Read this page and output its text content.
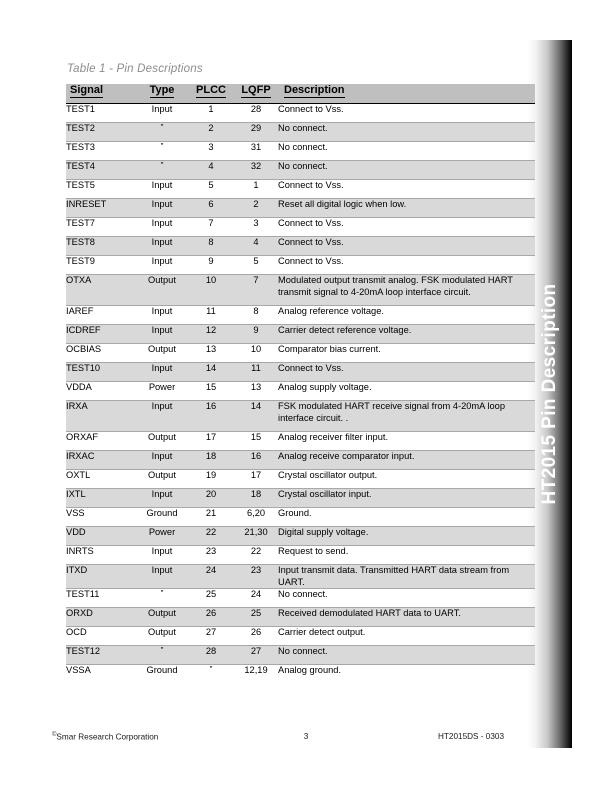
HT2015 Pin Description
Table 1 - Pin Descriptions
Signal	Type	PLCC	LQFP	Description
TEST1	Input	1	28	Connect to Vss.

TEST2	"	2	29	No connect.

TEST3	"	3	31	No connect.

TEST4	"	4	32	No connect.

TEST5	Input	5	1	Connect to Vss.

INRESET	Input	6	2	Reset all digital logic when low.

TEST7	Input	7	3	Connect to Vss.

TEST8	Input	8	4	Connect to Vss.

TEST9	Input	9	5	Connect to Vss.

OTXA	Output	10	7	Modulated output transmit analog. FSK modulated HART transmit signal to 4-20mA loop interface circuit.

IAREF	Input	11	8	Analog reference voltage.

ICDREF	Input	12	9	Carrier detect reference voltage.

OCBIAS	Output	13	10	Comparator bias current.

TEST10	Input	14	11	Connect to Vss.

VDDA	Power	15	13	Analog supply voltage.

IRXA	Input	16	14	FSK modulated HART receive signal from 4-20mA loop interface circuit. .

ORXAF	Output	17	15	Analog receiver filter input.

IRXAC	Input	18	16	Analog receive comparator input.

OXTL	Output	19	17	Crystal oscillator output.

IXTL	Input	20	18	Crystal oscillator input.

VSS	Ground	21	6,20	Ground.

VDD	Power	22	21,30	Digital supply voltage.

INRTS	Input	23	22	Request to send.

ITXD	Input	24	23	Input transmit data. Transmitted HART data stream from UART.

TEST11	"	25	24	No connect.

ORXD	Output	26	25	Received demodulated HART data to UART.

OCD	Output	27	26	Carrier detect output.

TEST12	"	28	27	No connect.

VSSA	Ground	"	12,19	Analog ground.
©Smar Research Corporation	3	HT2015DS - 0303
